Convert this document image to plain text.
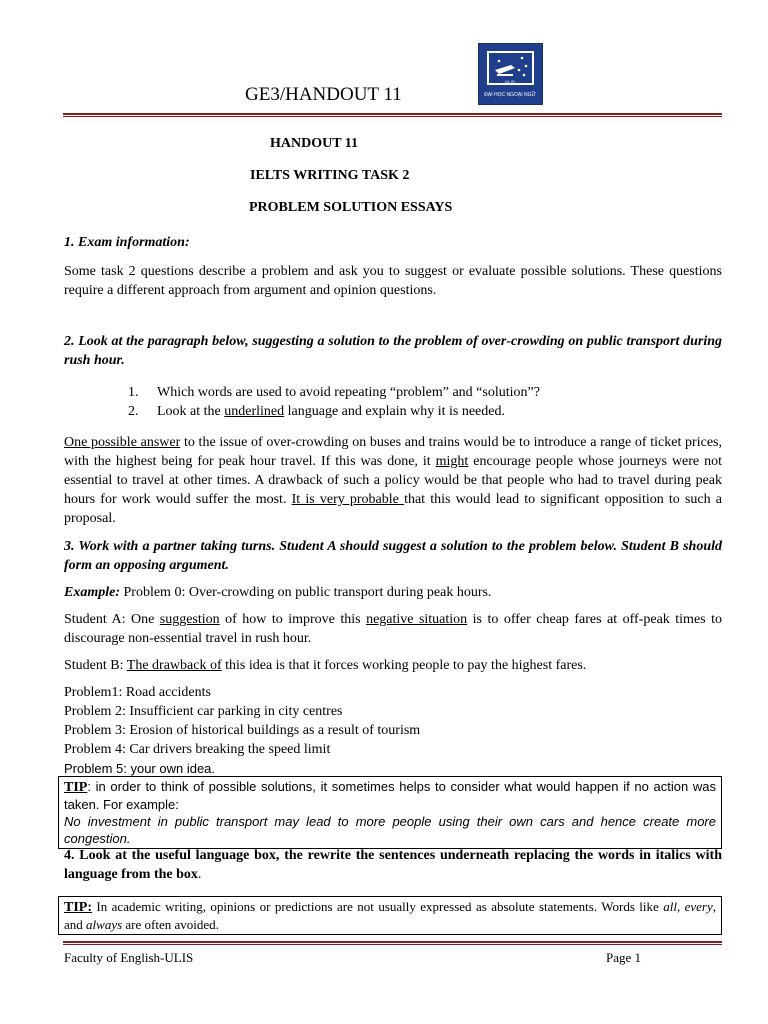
GE3/HANDOUT 11
ULIS
ĐẠI HỌC NGOẠI NGỮ
HANDOUT 11
IELTS WRITING TASK 2
PROBLEM SOLUTION ESSAYS
1. Exam information:
Some task 2 questions describe a problem and ask you to suggest or evaluate possible solutions. These questions require a different approach from argument and opinion questions.
2. Look at the paragraph below, suggesting a solution to the problem of over-crowding on public transport during rush hour.
1. Which words are used to avoid repeating “problem” and “solution”?
2. Look at the underlined language and explain why it is needed.
One possible answer to the issue of over-crowding on buses and trains would be to introduce a range of ticket prices, with the highest being for peak hour travel. If this was done, it might encourage people whose journeys were not essential to travel at other times. A drawback of such a policy would be that people who had to travel during peak hours for work would suffer the most. It is very probable that this would lead to significant opposition to such a proposal.
3. Work with a partner taking turns. Student A should suggest a solution to the problem below. Student B should form an opposing argument.
Example: Problem 0: Over-crowding on public transport during peak hours.
Student A: One suggestion of how to improve this negative situation is to offer cheap fares at off-peak times to discourage non-essential travel in rush hour.
Student B: The drawback of this idea is that it forces working people to pay the highest fares.
Problem1: Road accidents
Problem 2: Insufficient car parking in city centres
Problem 3: Erosion of historical buildings as a result of tourism
Problem 4: Car drivers breaking the speed limit
Problem 5: your own idea.
TIP: in order to think of possible solutions, it sometimes helps to consider what would happen if no action was taken. For example:
No investment in public transport may lead to more people using their own cars and hence create more congestion.
4. Look at the useful language box, the rewrite the sentences underneath replacing the words in italics with language from the box.
TIP: In academic writing, opinions or predictions are not usually expressed as absolute statements. Words like all, every, and always are often avoided.
Faculty of English-ULIS	Page 1
